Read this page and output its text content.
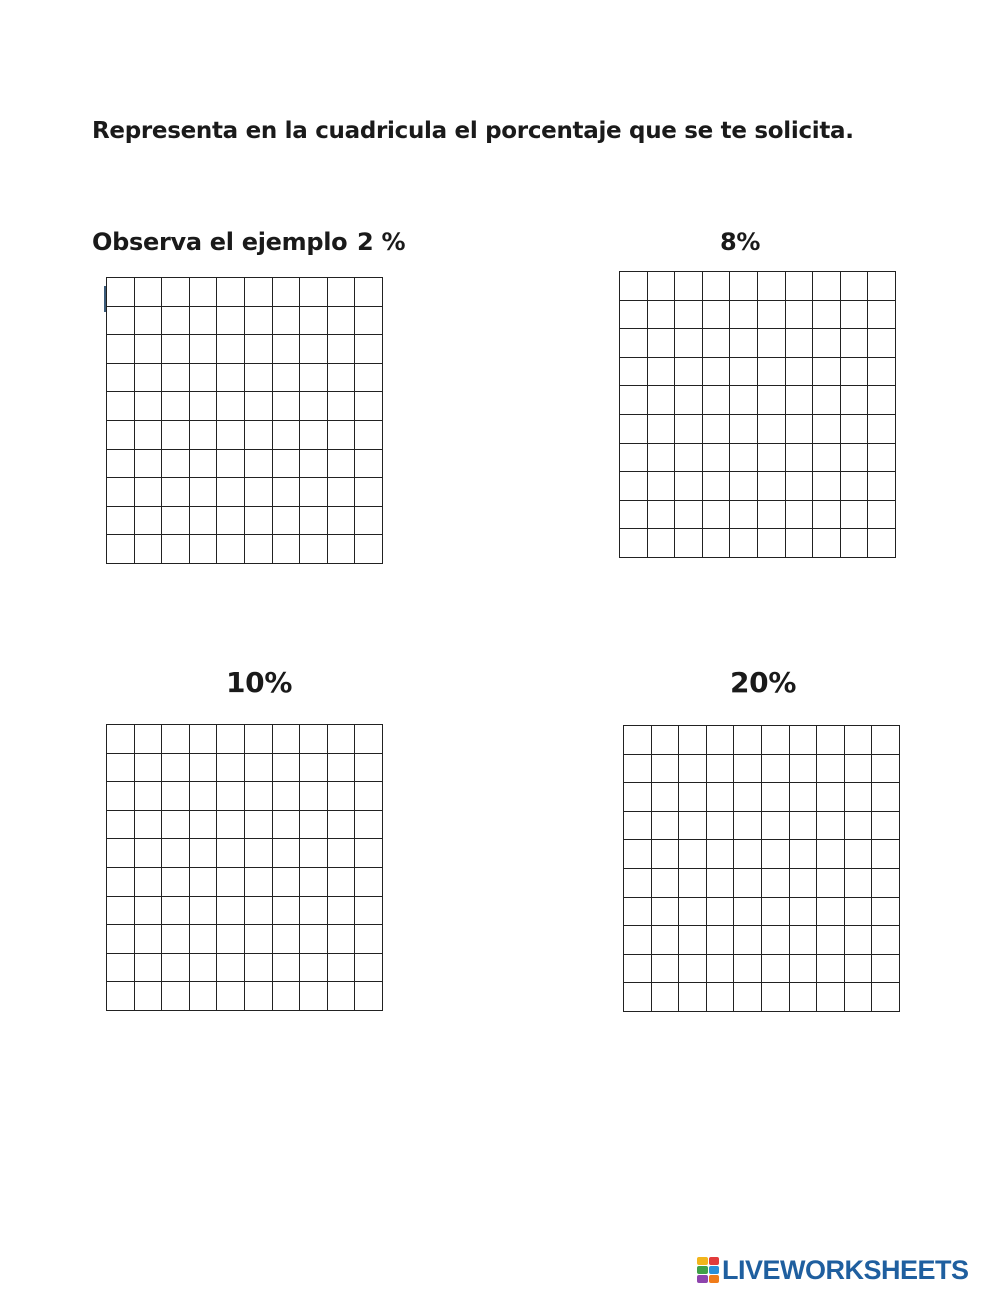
Representa en la cuadricula el porcentaje que se te solicita.
Observa el ejemplo 2 %	8%
10%	20%
LIVEWORKSHEETS
